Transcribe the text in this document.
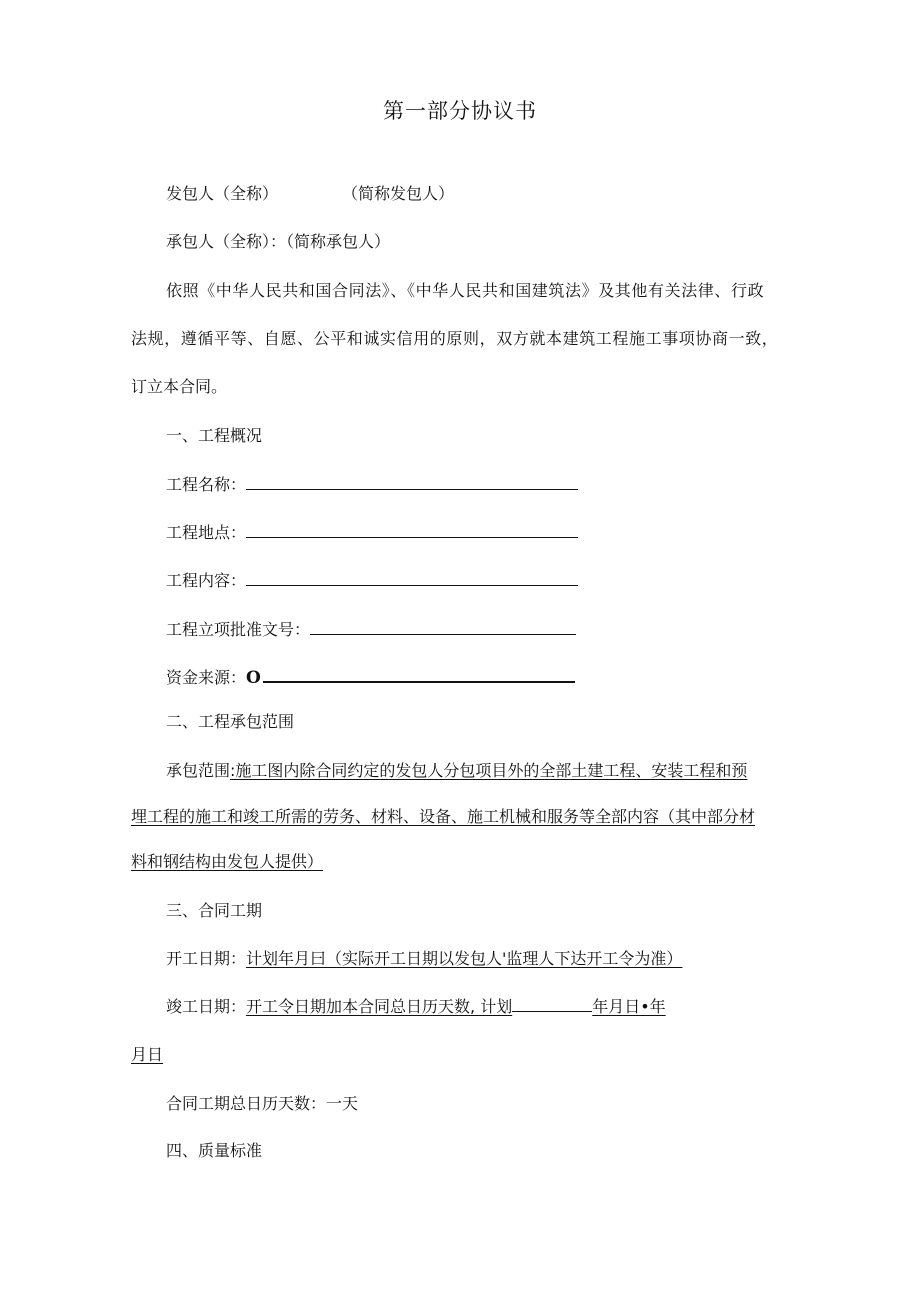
第一部分协议书
发包人（全称）	（简称发包人）
承包人（全称）：（简称承包人）
依照《中华人民共和国合同法》、《中华人民共和国建筑法》及其他有关法律、行政
法规，遵循平等、自愿、公平和诚实信用的原则，双方就本建筑工程施工事项协商一致，
订立本合同。
一、工程概况
工程名称：
工程地点：
工程内容：
工程立项批准文号：
资金来源：O
二、工程承包范围
承包范围:施工图内除合同约定的发包人分包项目外的全部土建工程、安装工程和预
埋工程的施工和竣工所需的劳务、材料、设备、施工机械和服务等全部内容（其中部分材
料和钢结构由发包人提供）
三、合同工期
开工日期：计划年月曰（实际开工日期以发包人'监理人下达开工令为准）
竣工日期：开工令日期加本合同总日历天数, 计划	年月日•年
月日
合同工期总日历天数：一天
四、质量标准
